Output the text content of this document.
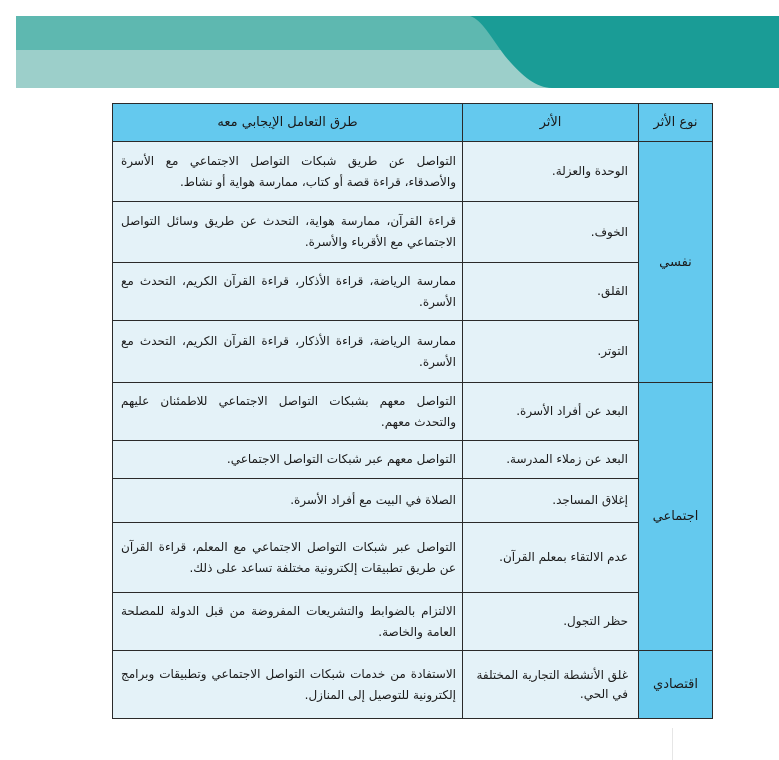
نوع الأثر	الأثر	طرق التعامل الإيجابي معه
نفسي	الوحدة والعزلة.	التواصل عن طريق شبكات التواصل الاجتماعي مع الأسرة والأصدقاء، قراءة قصة أو كتاب، ممارسة هواية أو نشاط.
	الخوف.	قراءة القرآن، ممارسة هواية، التحدث عن طريق وسائل التواصل الاجتماعي مع الأقرباء والأسرة.
	القلق.	ممارسة الرياضة، قراءة الأذكار، قراءة القرآن الكريم، التحدث مع الأسرة.
	التوتر.	ممارسة الرياضة، قراءة الأذكار، قراءة القرآن الكريم، التحدث مع الأسرة.
اجتماعي	البعد عن أفراد الأسرة.	التواصل معهم بشبكات التواصل الاجتماعي للاطمئنان عليهم والتحدث معهم.
	البعد عن زملاء المدرسة.	التواصل معهم عبر شبكات التواصل الاجتماعي.
	إغلاق المساجد.	الصلاة في البيت مع أفراد الأسرة.
	عدم الالتقاء بمعلم القرآن.	التواصل عبر شبكات التواصل الاجتماعي مع المعلم، قراءة القرآن عن طريق تطبيقات إلكترونية مختلفة تساعد على ذلك.
	حظر التجول.	الالتزام بالضوابط والتشريعات المفروضة من قبل الدولة للمصلحة العامة والخاصة.
اقتصادي	غلق الأنشطة التجارية المختلفة في الحي.	الاستفادة من خدمات شبكات التواصل الاجتماعي وتطبيقات وبرامج إلكترونية للتوصيل إلى المنازل.
